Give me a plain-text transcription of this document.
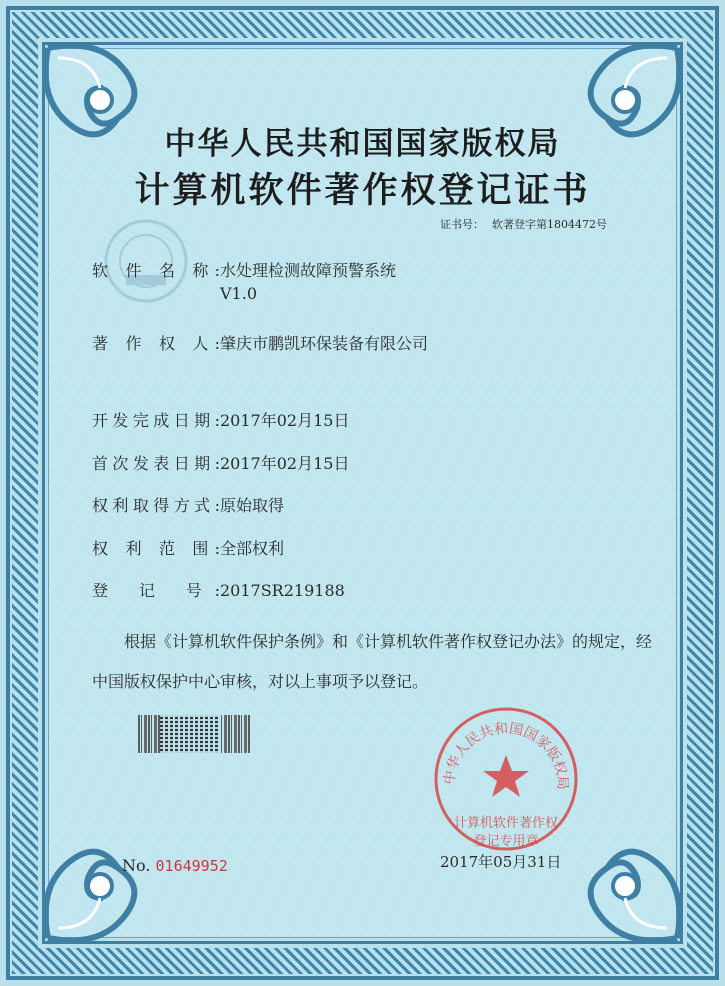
中华人民共和国国家版权局
计算机软件著作权登记证书
证书号： 软著登字第1804472号
软 件 名 称:水处理检测故障预警系统
V1.0
著 作 权 人:肇庆市鹏凯环保装备有限公司
开发完成日期:2017年02月15日
首次发表日期:2017年02月15日
权利取得方式:原始取得
权 利 范 围:全部权利
登 记 号:2017SR219188
根据《计算机软件保护条例》和《计算机软件著作权登记办法》的规定，经中国版权保护中心审核，对以上事项予以登记。
中华人民共和国国家版权局
计算机软件著作权
登记专用章
No. 01649952	2017年05月31日
